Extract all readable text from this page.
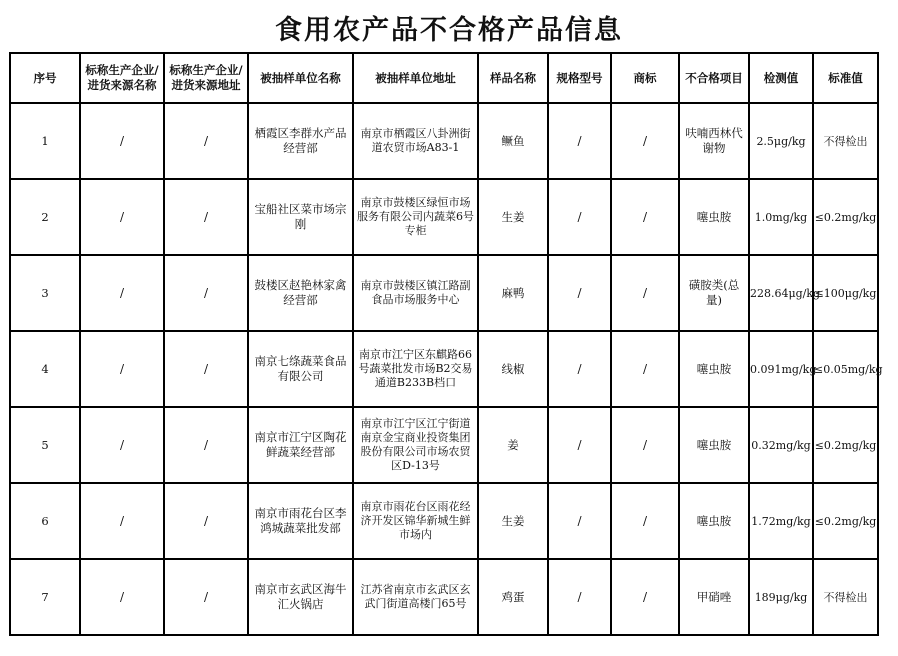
食用农产品不合格产品信息
序号	标称生产企业/进货来源名称	标称生产企业/进货来源地址	被抽样单位名称	被抽样单位地址	样品名称	规格型号	商标	不合格项目	检测值	标准值
1	/	/	栖霞区李群水产品经营部	南京市栖霞区八卦洲街道农贸市场A83-1	鳜鱼	/	/	呋喃西林代谢物	2.5μg/kg	不得检出
2	/	/	宝船社区菜市场宗刚	南京市鼓楼区绿恒市场服务有限公司内蔬菜6号专柜	生姜	/	/	噻虫胺	1.0mg/kg	≤0.2mg/kg
3	/	/	鼓楼区赵艳林家禽经营部	南京市鼓楼区镇江路副食品市场服务中心	麻鸭	/	/	磺胺类(总量)	228.64μg/kg	≤100μg/kg
4	/	/	南京七绦蔬菜食品有限公司	南京市江宁区东麒路66号蔬菜批发市场B2交易通道B233B档口	线椒	/	/	噻虫胺	0.091mg/kg	≤0.05mg/kg
5	/	/	南京市江宁区陶花鲜蔬菜经营部	南京市江宁区江宁街道南京金宝商业投资集团股份有限公司市场农贸区D-13号	姜	/	/	噻虫胺	0.32mg/kg	≤0.2mg/kg
6	/	/	南京市雨花台区李鸿城蔬菜批发部	南京市雨花台区雨花经济开发区锦华新城生鲜市场内	生姜	/	/	噻虫胺	1.72mg/kg	≤0.2mg/kg
7	/	/	南京市玄武区海牛汇火锅店	江苏省南京市玄武区玄武门街道高楼门65号	鸡蛋	/	/	甲硝唑	189μg/kg	不得检出
